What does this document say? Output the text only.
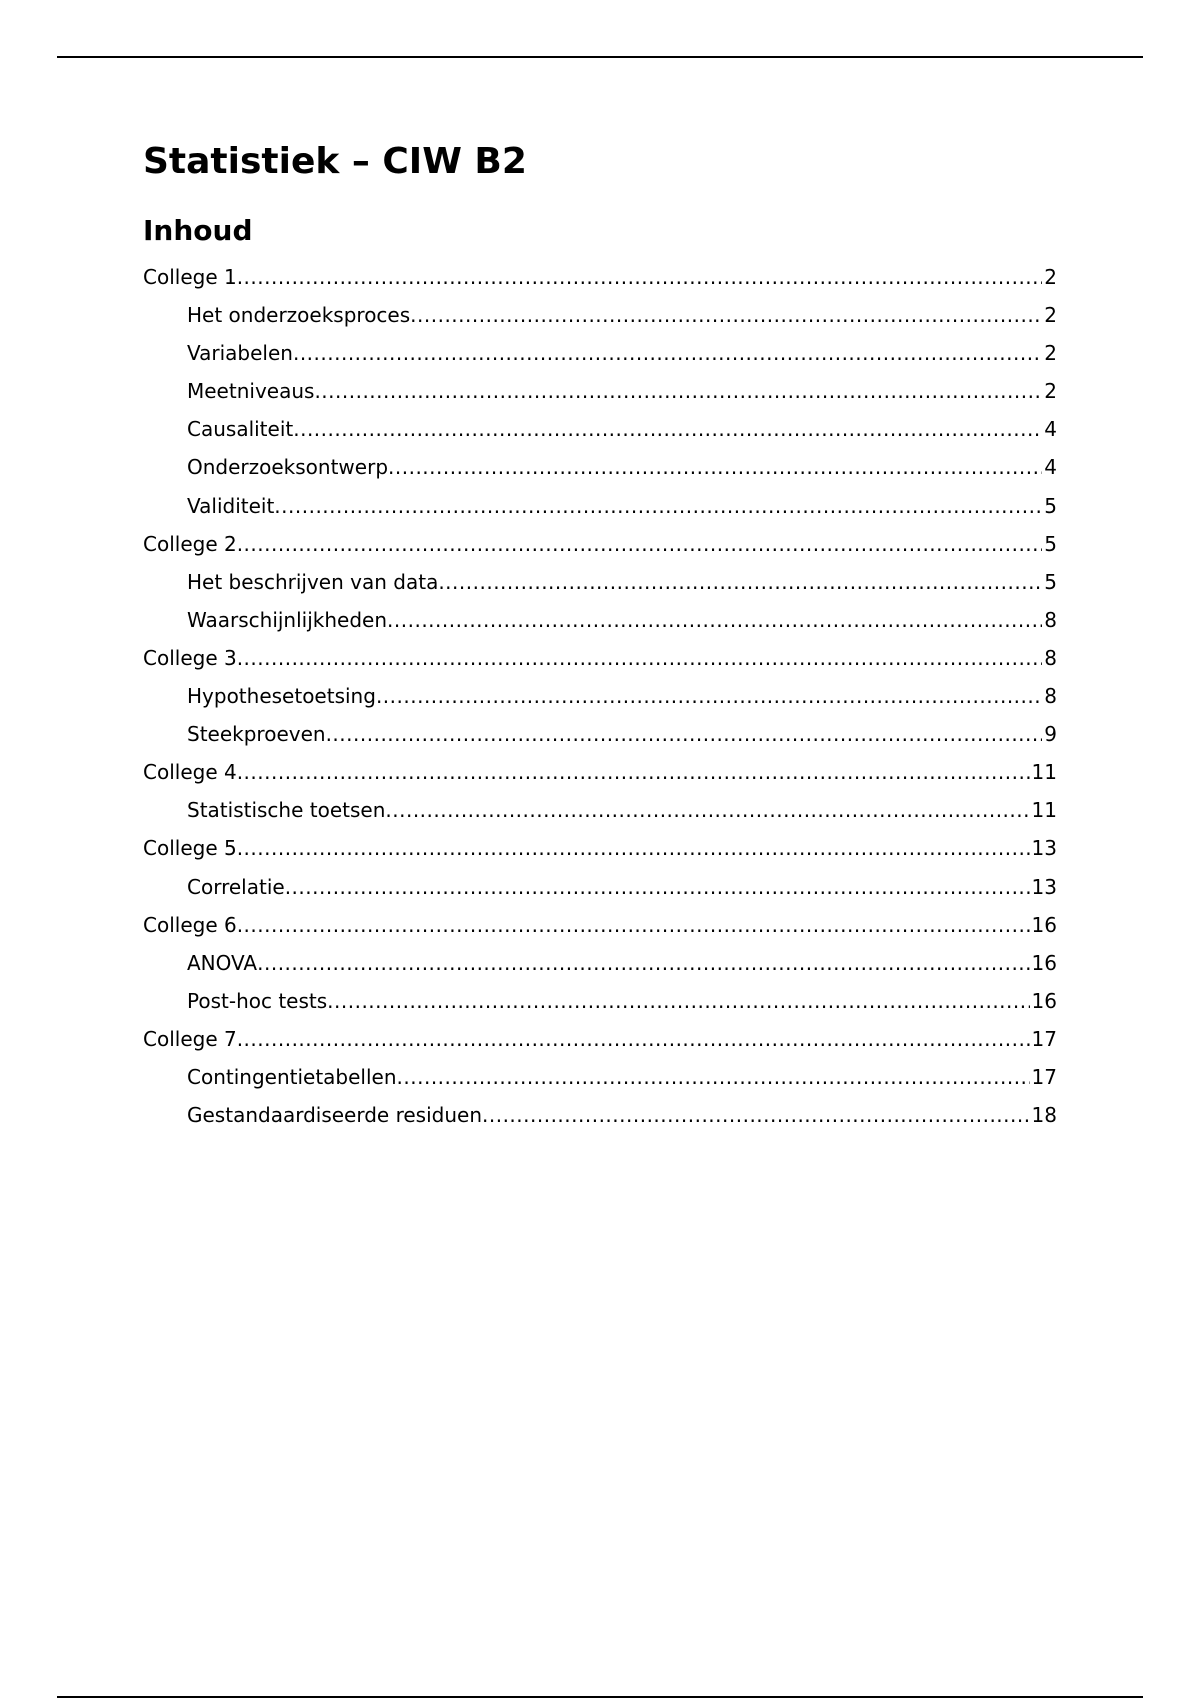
Statistiek – CIW B2
Inhoud
College 1 .....	2
Het onderzoeksproces .....	2
Variabelen .....	2
Meetniveaus .....	2
Causaliteit .....	4
Onderzoeksontwerp .....	4
Validiteit .....	5
College 2 .....	5
Het beschrijven van data .....	5
Waarschijnlijkheden .....	8
College 3 .....	8
Hypothesetoetsing .....	8
Steekproeven .....	9
College 4 .....	11
Statistische toetsen .....	11
College 5 .....	13
Correlatie .....	13
College 6 .....	16
ANOVA .....	16
Post-hoc tests .....	16
College 7 .....	17
Contingentietabellen .....	17
Gestandaardiseerde residuen .....	18
